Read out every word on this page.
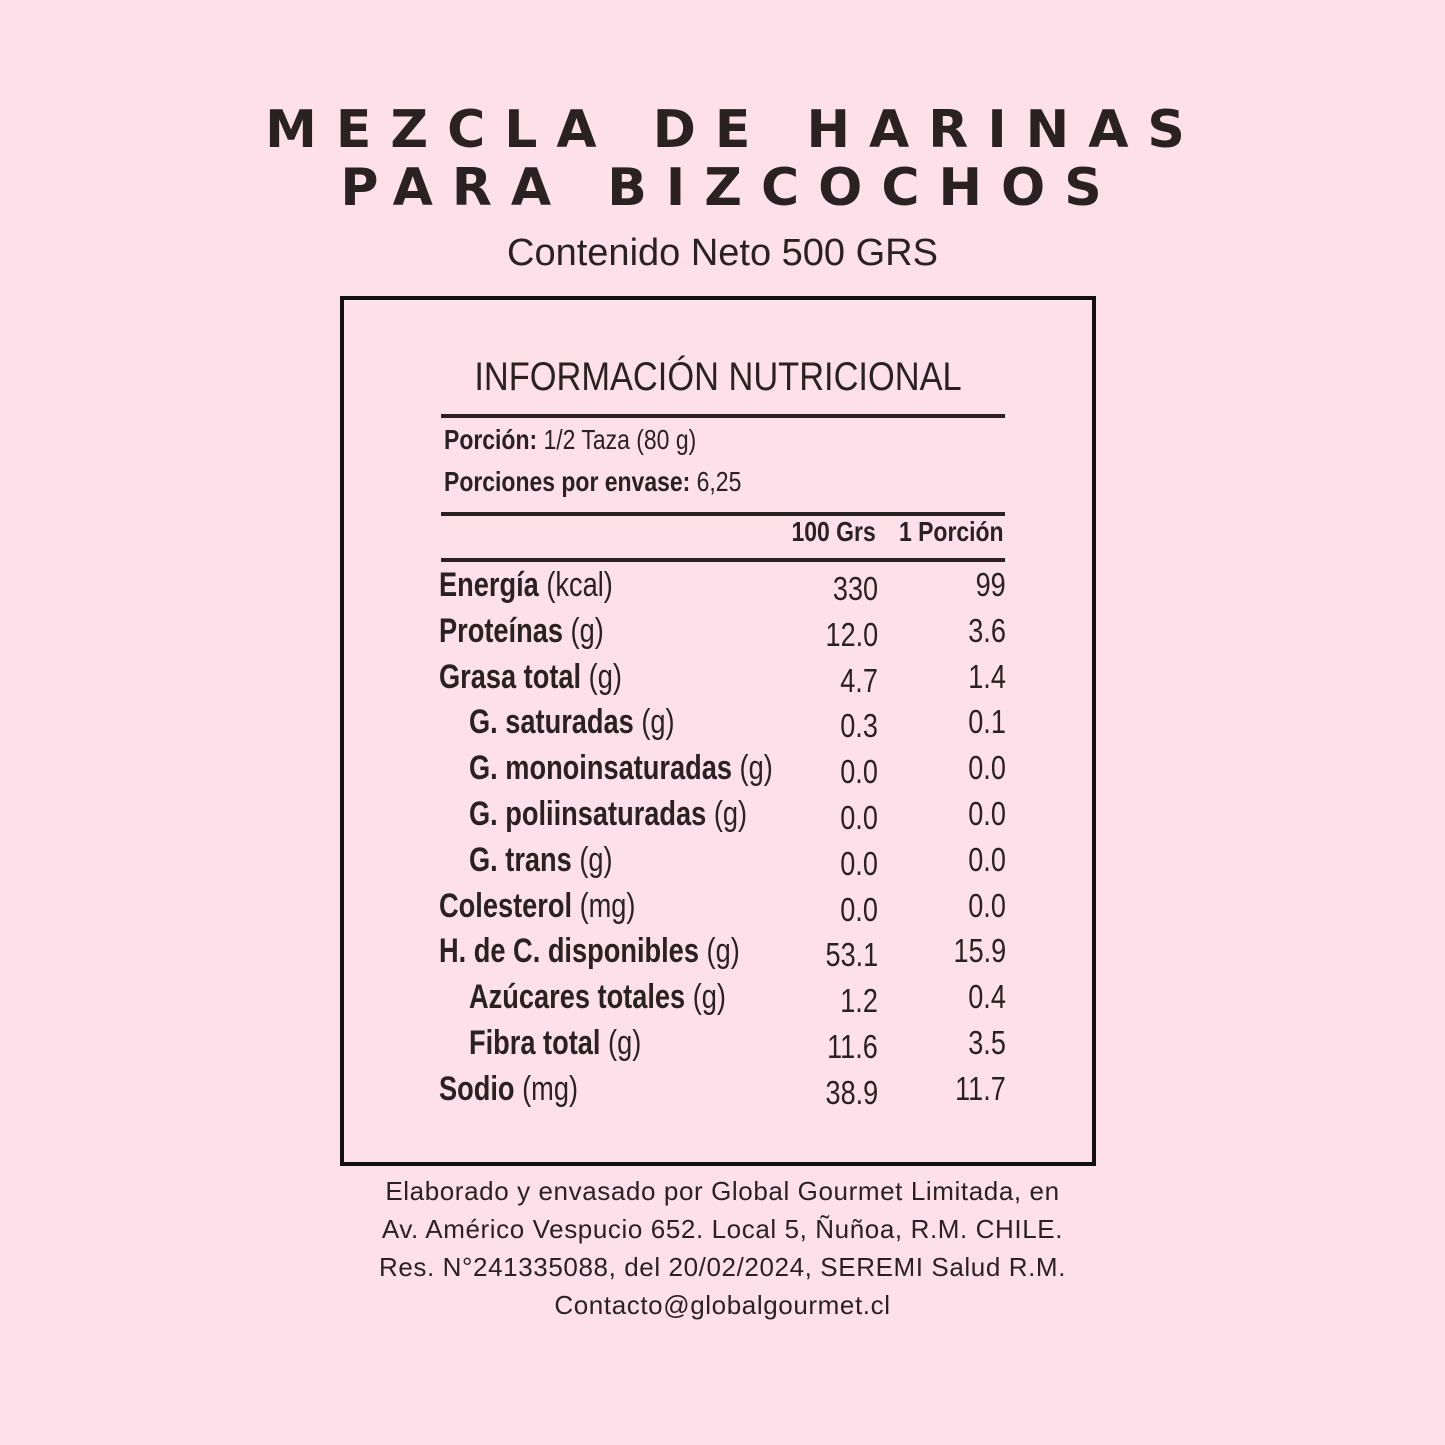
MEZCLA DE HARINAS
PARA BIZCOCHOS
Contenido Neto 500 GRS
INFORMACIÓN NUTRICIONAL
Porción: 1/2 Taza (80 g)
Porciones por envase: 6,25
100 Grs 1 Porción
Energía (kcal)	330	99
Proteínas (g)	12.0	3.6
Grasa total (g)	4.7	1.4
G. saturadas (g)	0.3	0.1
G. monoinsaturadas (g) 0.0	0.0
G. poliinsaturadas (g)	0.0	0.0
G. trans (g)	0.0	0.0
Colesterol (mg)	0.0	0.0
H. de C. disponibles (g)	53.1 15.9
Azúcares totales (g)	1.2	0.4
Fibra total (g)	11.6	3.5
Sodio (mg)	38.9 11.7
Elaborado y envasado por Global Gourmet Limitada, en
Av. Américo Vespucio 652. Local 5, Ñuñoa, R.M. CHILE.
Res. N°241335088, del 20/02/2024, SEREMI Salud R.M.
Contacto@globalgourmet.cl
